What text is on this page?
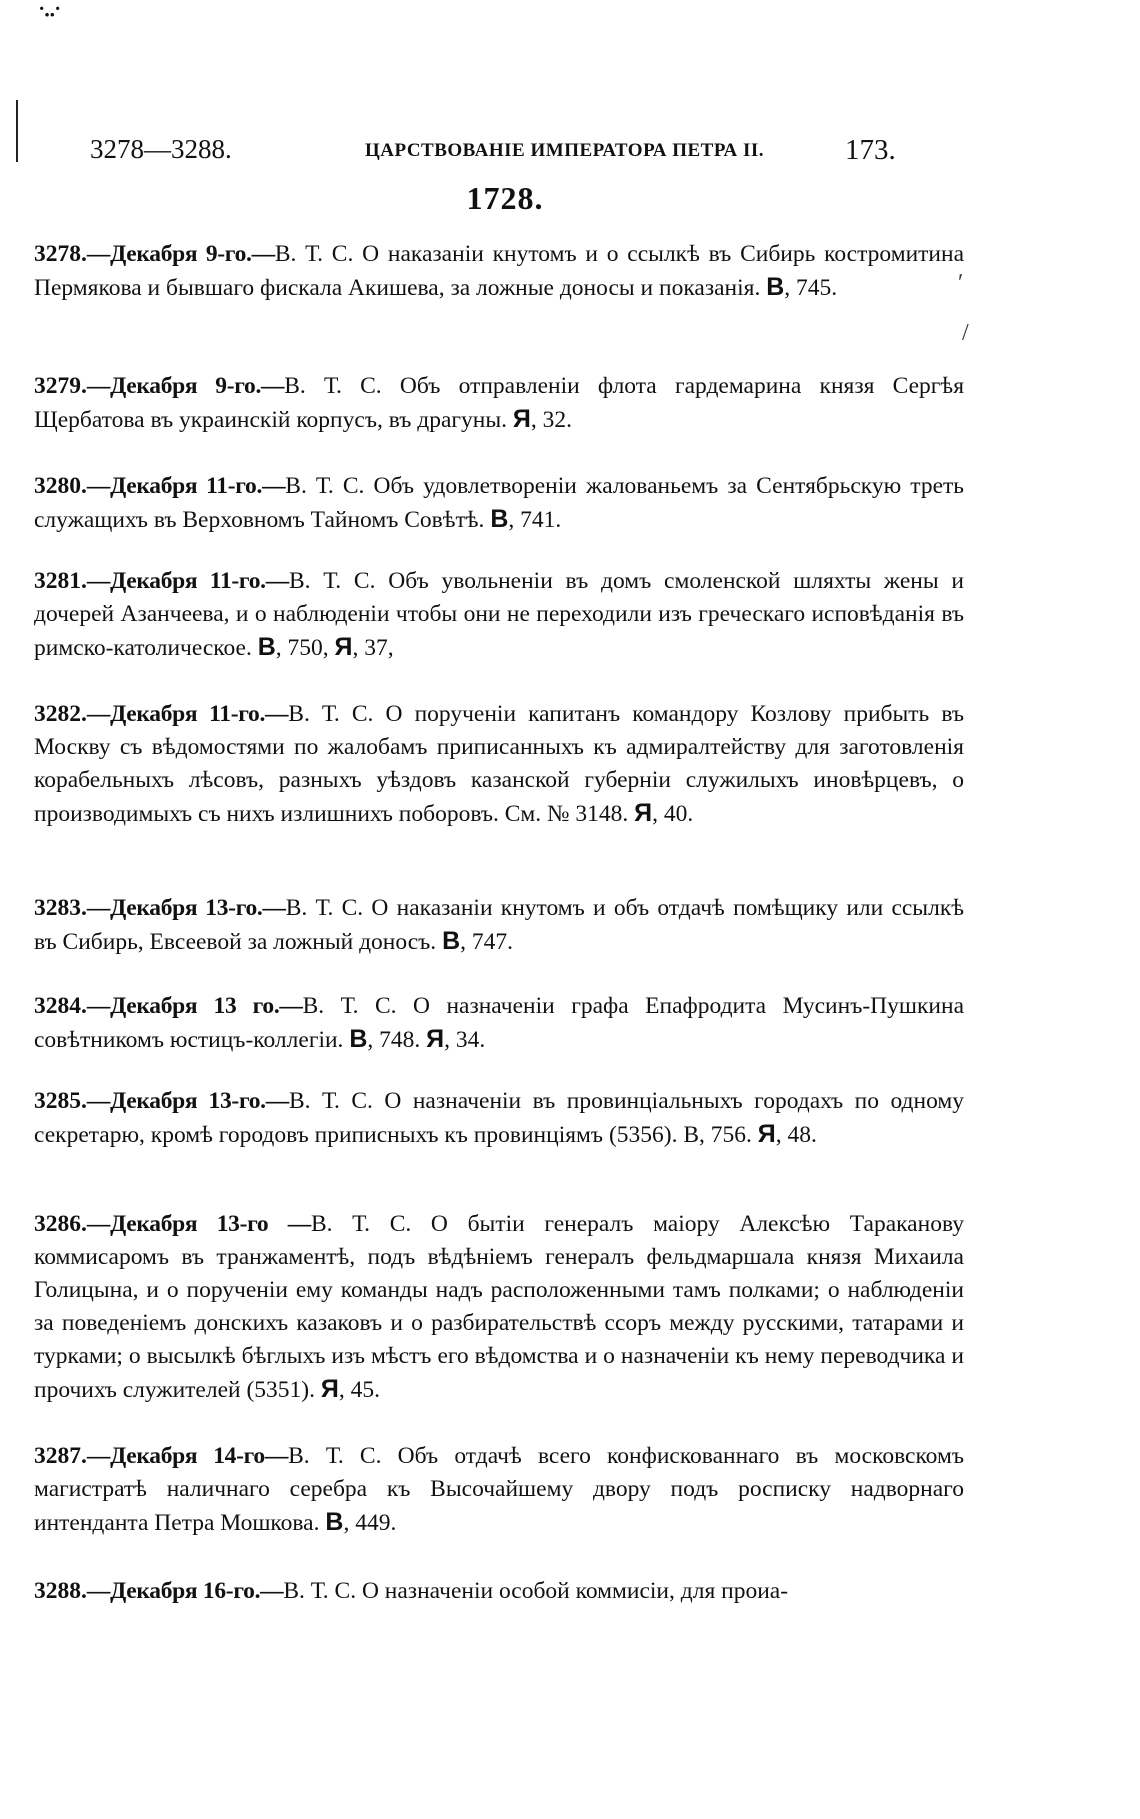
˙··˙
3278—3288.	ЦАРСТВОВАНІЕ ИМПЕРАТОРА ПЕТРА II.	173.
1728.
ʹ
/

3278.—Декабря 9-го.—В. Т. С. О наказаніи кнутомъ и о ссылкѣ въ Сибирь костромитина Пермякова и бывшаго фискала Акишева, за ложные доносы и показанія. В, 745.

3279.—Декабря 9-го.—В. Т. С. Объ отправленіи флота гардемарина князя Сергѣя Щербатова въ украинскій корпусъ, въ драгуны. Я, 32.

3280.—Декабря 11-го.—В. Т. С. Объ удовлетвореніи жалованьемъ за Сентябрьскую треть служащихъ въ Верховномъ Тайномъ Совѣтѣ. В, 741.

3281.—Декабря 11-го.—В. Т. С. Объ увольненіи въ домъ смоленской шляхты жены и дочерей Азанчеева, и о наблюденіи чтобы они не переходили изъ греческаго исповѣданія въ римско-католическое. В, 750, Я, 37,

3282.—Декабря 11-го.—В. Т. С. О порученіи капитанъ командору Козлову прибыть въ Москву съ вѣдомостями по жалобамъ приписанныхъ къ адмиралтейству для заготовленія корабельныхъ лѣсовъ, разныхъ уѣздовъ казанской губерніи служилыхъ иновѣрцевъ, о производимыхъ съ нихъ излишнихъ поборовъ. См. № 3148. Я, 40.

3283.—Декабря 13-го.—В. Т. С. О наказаніи кнутомъ и объ отдачѣ помѣщику или ссылкѣ въ Сибирь, Евсеевой за ложный доносъ. В, 747.

3284.—Декабря 13 го.—В. Т. С. О назначеніи графа Епафродита Мусинъ-Пушкина совѣтникомъ юстицъ-коллегіи. В, 748. Я, 34.

3285.—Декабря 13-го.—В. Т. С. О назначеніи въ провинціальныхъ городахъ по одному секретарю, кромѣ городовъ приписныхъ къ провинціямъ (5356). В, 756. Я, 48.

3286.—Декабря 13-го —В. Т. С. О бытіи генералъ маіору Алексѣю Тараканову коммисаромъ въ транжаментѣ, подъ вѣдѣніемъ генералъ фельдмаршала князя Михаила Голицына, и о порученіи ему команды надъ расположенными тамъ полками; о наблюденіи за поведеніемъ донскихъ казаковъ и о разбирательствѣ ссоръ между русскими, татарами и турками; о высылкѣ бѣглыхъ изъ мѣстъ его вѣдомства и о назначеніи къ нему переводчика и прочихъ служителей (5351). Я, 45.

3287.—Декабря 14-го—В. Т. С. Объ отдачѣ всего конфискованнаго въ московскомъ магистратѣ наличнаго серебра къ Высочайшему двору подъ роспиcку надворнаго интенданта Петра Мошкова. В, 449.

3288.—Декабря 16-го.—В. Т. С. О назначеніи особой коммисіи, для проиа-
